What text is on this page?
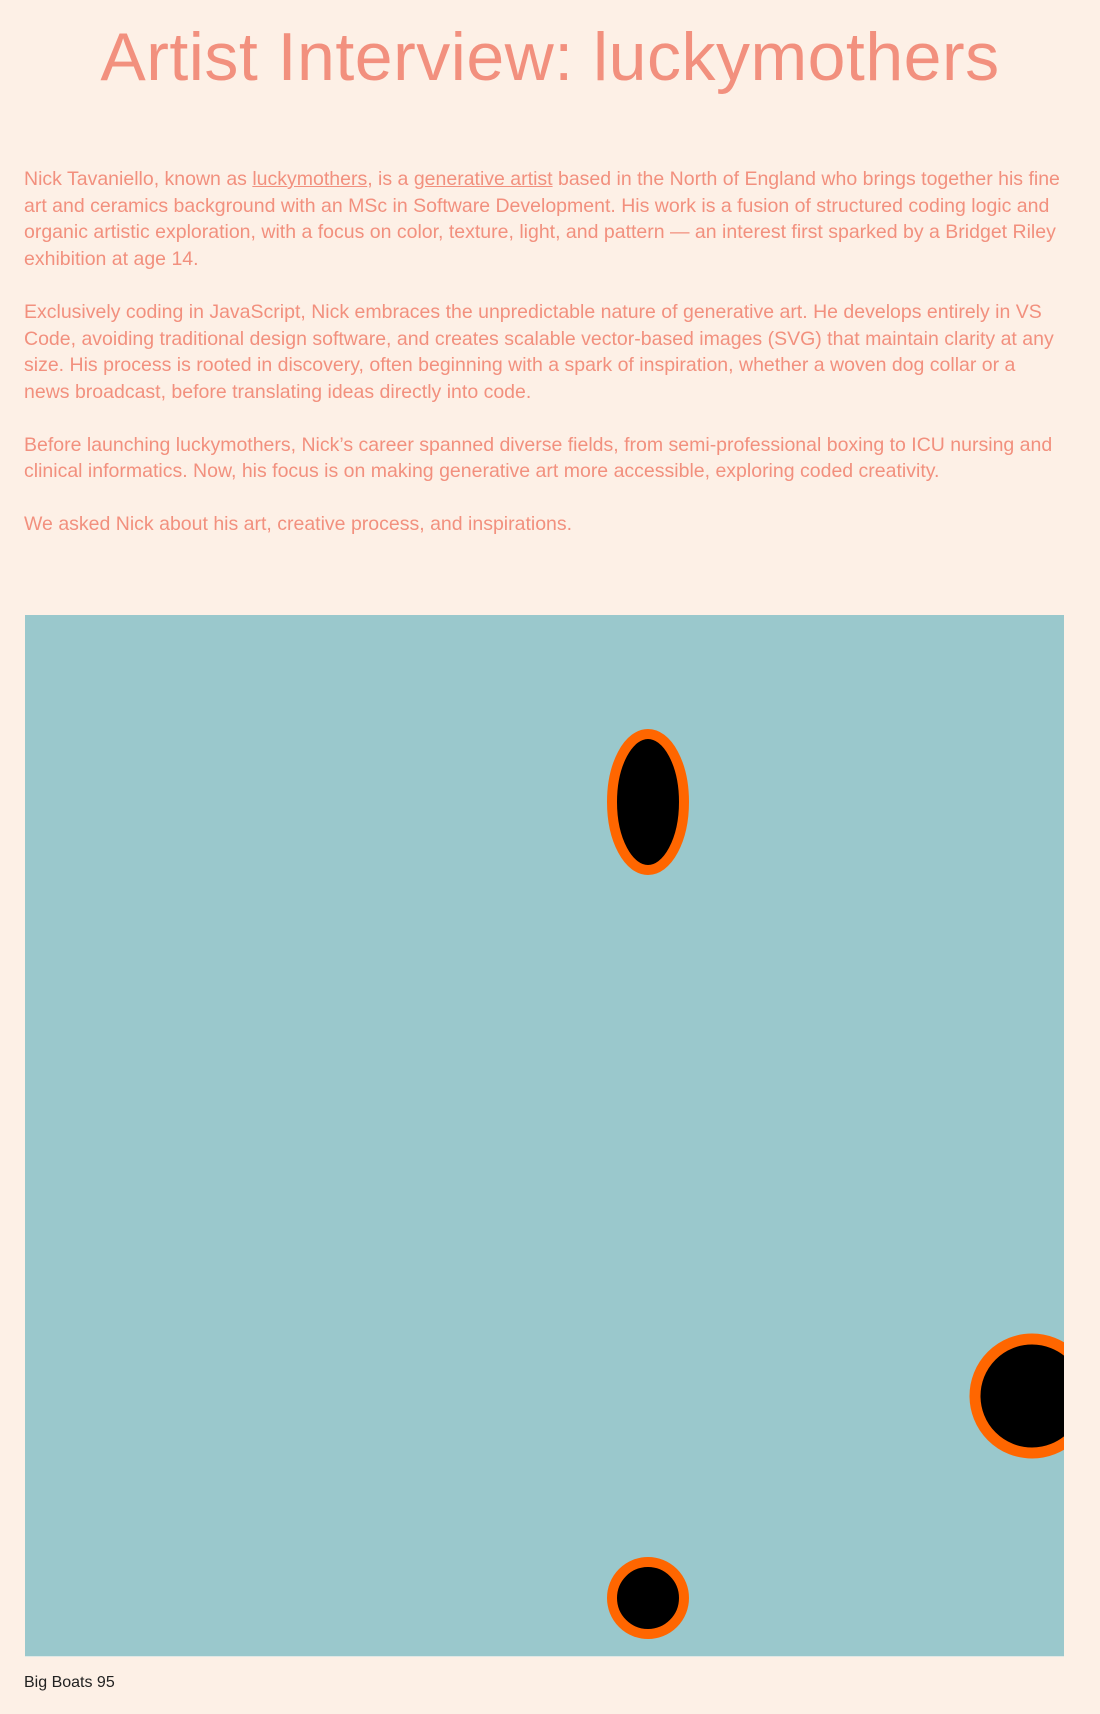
Artist Interview: luckymothers

Nick Tavaniello, known as luckymothers, is a generative artist based in the North of England who brings together his fine art and ceramics background with an MSc in Software Development. His work is a fusion of structured coding logic and organic artistic exploration, with a focus on color, texture, light, and pattern — an interest first sparked by a Bridget Riley exhibition at age 14.

Exclusively coding in JavaScript, Nick embraces the unpredictable nature of generative art. He develops entirely in VS Code, avoiding traditional design software, and creates scalable vector-based images (SVG) that maintain clarity at any size. His process is rooted in discovery, often beginning with a spark of inspiration, whether a woven dog collar or a news broadcast, before translating ideas directly into code.

Before launching luckymothers, Nick’s career spanned diverse fields, from semi-professional boxing to ICU nursing and clinical informatics. Now, his focus is on making generative art more accessible, exploring coded creativity.

We asked Nick about his art, creative process, and inspirations.

Big Boats 95
